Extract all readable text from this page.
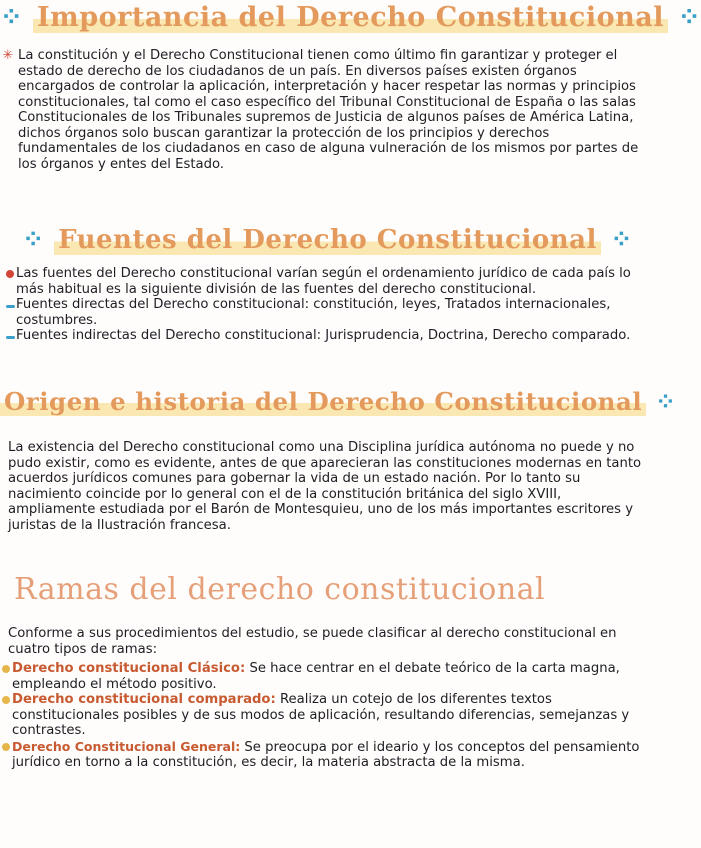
⁘ Importancia del Derecho Constitucional ⁘
✳ La constitución y el Derecho Constitucional tienen como último fin garantizar y proteger el estado de derecho de los ciudadanos de un país. En diversos países existen órganos encargados de controlar la aplicación, interpretación y hacer respetar las normas y principios constitucionales, tal como el caso específico del Tribunal Constitucional de España o las salas Constitucionales de los Tribunales supremos de Justicia de algunos países de América Latina, dichos órganos solo buscan garantizar la protección de los principios y derechos fundamentales de los ciudadanos en caso de alguna vulneración de los mismos por partes de los órganos y entes del Estado.
⁘ Fuentes del Derecho Constitucional ⁘
Las fuentes del Derecho constitucional varían según el ordenamiento jurídico de cada país lo más habitual es la siguiente división de las fuentes del derecho constitucional.
Fuentes directas del Derecho constitucional: constitución, leyes, Tratados internacionales, costumbres.
Fuentes indirectas del Derecho constitucional: Jurisprudencia, Doctrina, Derecho comparado.
Origen e historia del Derecho Constitucional ⁘
La existencia del Derecho constitucional como una Disciplina jurídica autónoma no puede y no pudo existir, como es evidente, antes de que aparecieran las constituciones modernas en tanto acuerdos jurídicos comunes para gobernar la vida de un estado nación. Por lo tanto su nacimiento coincide por lo general con el de la constitución británica del siglo XVIII, ampliamente estudiada por el Barón de Montesquieu, uno de los más importantes escritores y juristas de la Ilustración francesa.
Ramas del derecho constitucional
Conforme a sus procedimientos del estudio, se puede clasificar al derecho constitucional en cuatro tipos de ramas:
Derecho constitucional Clásico: Se hace centrar en el debate teórico de la carta magna, empleando el método positivo.
Derecho constitucional comparado: Realiza un cotejo de los diferentes textos constitucionales posibles y de sus modos de aplicación, resultando diferencias, semejanzas y contrastes.
Derecho Constitucional General: Se preocupa por el ideario y los conceptos del pensamiento jurídico en torno a la constitución, es decir, la materia abstracta de la misma.
